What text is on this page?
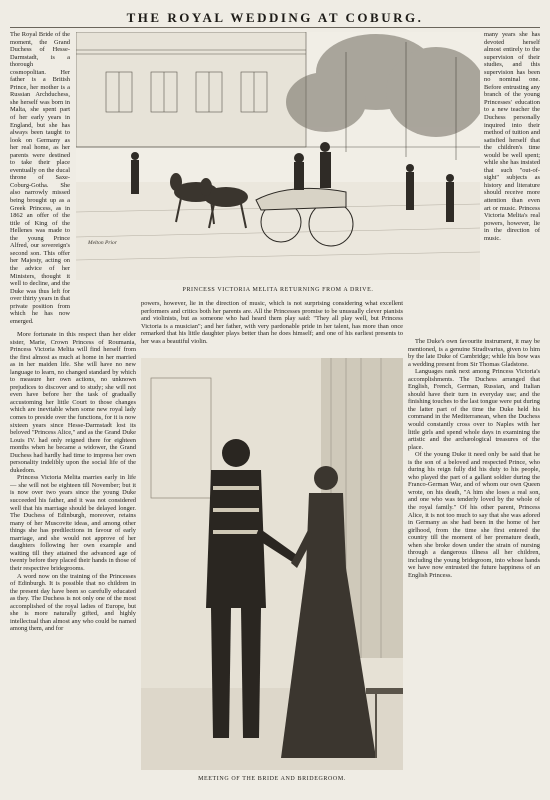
THE ROYAL WEDDING AT COBURG.

The Royal Bride of the moment, the Grand Duchess of Hesse-Darmstadt, is a thorough cosmopolitan. Her father is a British Prince, her mother is a Russian Archduchess, she herself was born in Malta, she spent part of her early years in England, but she has always been taught to look on Germany as her real home, as her parents were destined to take their place eventually on the ducal throne of Saxe-Coburg-Gotha. She also narrowly missed being brought up as a Greek Princess, as in 1862 an offer of the title of King of the Hellenes was made to the young Prince Alfred, our sovereign's second son. This offer her Majesty, acting on the advice of her Ministers, thought it well to decline, and the Duke was thus left for over thirty years in that private position from which he has now emerged.

More fortunate in this respect than her elder sister, Marie, Crown Princess of Roumania, Princess Victoria Melita will find herself from the first almost as much at home in her married as in her maiden life. She will have no new language to learn, no changed standard by which to measure her own actions, no unknown prejudices to discover and to study; she will not even have before her the task of gradually accustoming her little Court to those changes which are inevitable when some new royal lady comes to preside over the functions, for it is now sixteen years since Hesse-Darmstadt lost its beloved "Princess Alice," and as the Grand Duke Louis IV. had only reigned there for eighteen months when he became a widower, the Grand Duchess had hardly had time to impress her own personality indelibly upon the social life of the dukedom.

Princess Victoria Melita marries early in life — she will not be eighteen till November; but it is now over two years since the young Duke succeeded his father, and it was not considered well that his marriage should be delayed longer. The Duchess of Edinburgh, moreover, retains many of her Muscovite ideas, and among other things she has predilections in favour of early marriage, and she would not approve of her daughters following her own example and waiting till they attained the advanced age of twenty before they placed their hands in those of their respective bridegrooms.

A word now on the training of the Princesses of Edinburgh. It is possible that no children in the present day have been so carefully educated as they. The Duchess is not only one of the most accomplished of the royal ladies of Europe, but she is more naturally gifted, and highly intellectual than almost any who could be named among them, and for

Melton Prior
PRINCESS VICTORIA MELITA RETURNING FROM A DRIVE.

many years she has devoted herself almost entirely to the supervision of their studies, and this supervision has been no nominal one. Before entrusting any branch of the young Princesses' education to a new teacher the Duchess personally inquired into their method of tuition and satisfied herself that the children's time would be well spent; while she has insisted that such "out-of-sight" subjects as history and literature should receive more attention than even art or music. Princess Victoria Melita's real powers, however, lie in the direction of music.

powers, however, lie in the direction of music, which is not surprising considering what excellent performers and critics both her parents are. All the Princesses promise to be unusually clever pianists and violinists, but as someone who had heard them play said: "They all play well, but Princess Victoria is a musician"; and her father, with very pardonable pride in her talent, has more than once remarked that his little daughter plays better than he does himself; and one of his earliest presents to her was a beautiful violin.

MEETING OF THE BRIDE AND BRIDEGROOM.

The Duke's own favourite instrument, it may be mentioned, is a genuine Stradivarius, given to him by the late Duke of Cambridge; while his bow was a wedding present from Sir Thomas Gladstone.

Languages rank next among Princess Victoria's accomplishments. The Duchess arranged that English, French, German, Russian, and Italian should have their turn in everyday use; and the finishing touches to the last tongue were put during the latter part of the time the Duke held his command in the Mediterranean, when the Duchess would constantly cross over to Naples with her little girls and spend whole days in examining the artistic and the archæological treasures of the place.

Of the young Duke it need only be said that he is the son of a beloved and respected Prince, who during his reign fully did his duty to his people, who played the part of a gallant soldier during the Franco-German War, and of whom our own Queen wrote, on his death, "A him she loses a real son, and one who was tenderly loved by the whole of the royal family." Of his other parent, Princess Alice, it is not too much to say that she was adored in Germany as she had been in the home of her girlhood, from the time she first entered the country till the moment of her premature death, when she broke down under the strain of nursing through a dangerous illness all her children, including the young bridegroom, into whose hands we have now entrusted the future happiness of an English Princess.
